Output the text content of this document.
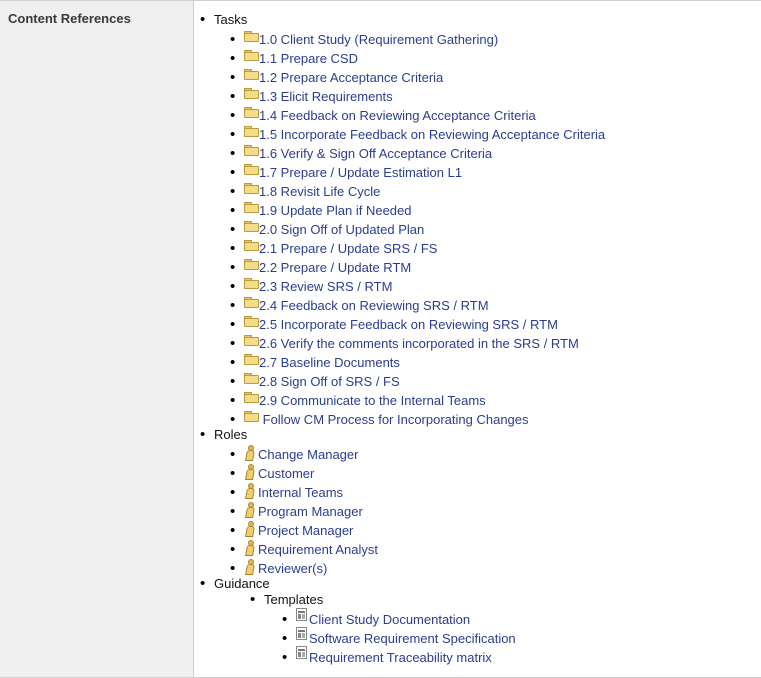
Content References
•	Tasks
• 1.0 Client Study (Requirement Gathering)
• 1.1 Prepare CSD
• 1.2 Prepare Acceptance Criteria
• 1.3 Elicit Requirements
• 1.4 Feedback on Reviewing Acceptance Criteria
• 1.5 Incorporate Feedback on Reviewing Acceptance Criteria
• 1.6 Verify & Sign Off Acceptance Criteria
• 1.7 Prepare / Update Estimation L1
• 1.8 Revisit Life Cycle
• 1.9 Update Plan if Needed
• 2.0 Sign Off of Updated Plan
• 2.1 Prepare / Update SRS / FS
• 2.2 Prepare / Update RTM
• 2.3 Review SRS / RTM
• 2.4 Feedback on Reviewing SRS / RTM
• 2.5 Incorporate Feedback on Reviewing SRS / RTM
• 2.6 Verify the comments incorporated in the SRS / RTM
• 2.7 Baseline Documents
• 2.8 Sign Off of SRS / FS
• 2.9 Communicate to the Internal Teams
• Follow CM Process for Incorporating Changes
• Roles
• Change Manager
• Customer
• Internal Teams
• Program Manager
• Project Manager
• Requirement Analyst
• Reviewer(s)
• Guidance
• Templates
• Client Study Documentation
• Software Requirement Specification
• Requirement Traceability matrix
